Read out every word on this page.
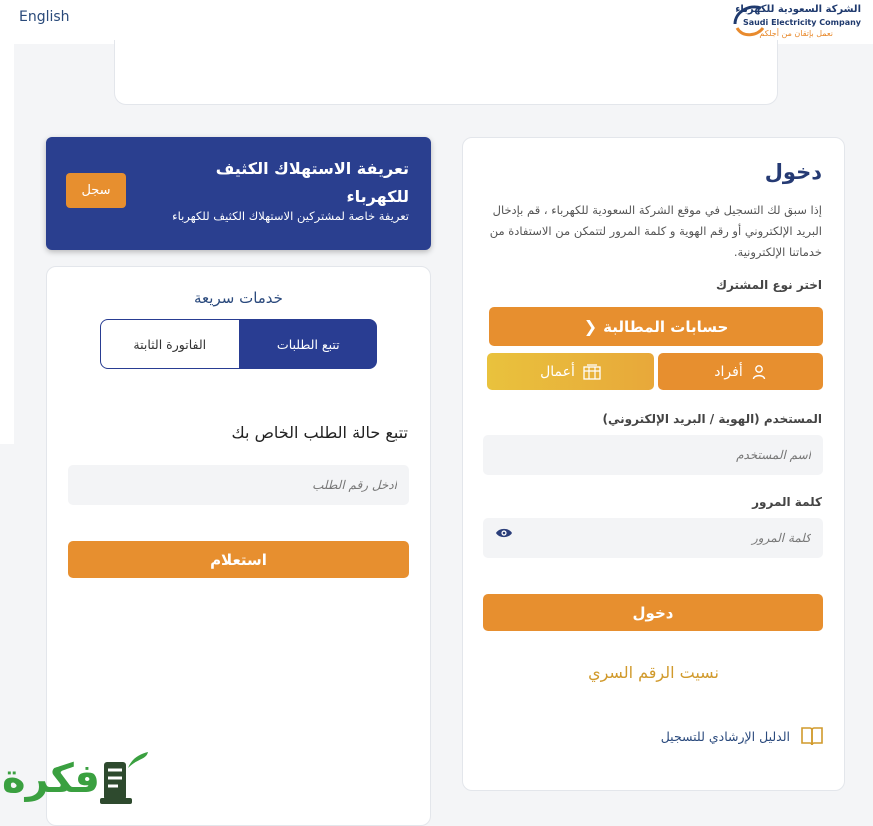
English	الشركة السعودية للكهرباء
Saudi Electricity Company
نعمل بإتقان من أجلكم
دخول
إذا سبق لك التسجيل في موقع الشركة السعودية للكهرباء ، قم بإدخال البريد الإلكتروني أو رقم الهوية و كلمة المرور لتتمكن من الاستفادة من خدماتنا الإلكترونية.
اختر نوع المشترك
حسابات المطالبة
❮
أفراد
أعمال
المستخدم (الهوية / البريد الإلكتروني)
اسم المستخدم
كلمة المرور
دخول
نسيت الرقم السري
الدليل الإرشادي للتسجيل
تعريفة الاستهلاك الكثيف للكهرباء
تعريفة خاصة لمشتركين الاستهلاك الكثيف للكهرباء
سجل
خدمات سريعة
تتبع الطلبات
الفاتورة الثابتة
تتبع حالة الطلب الخاص بك
ادخل رقم الطلب
استعلام
فكرة
